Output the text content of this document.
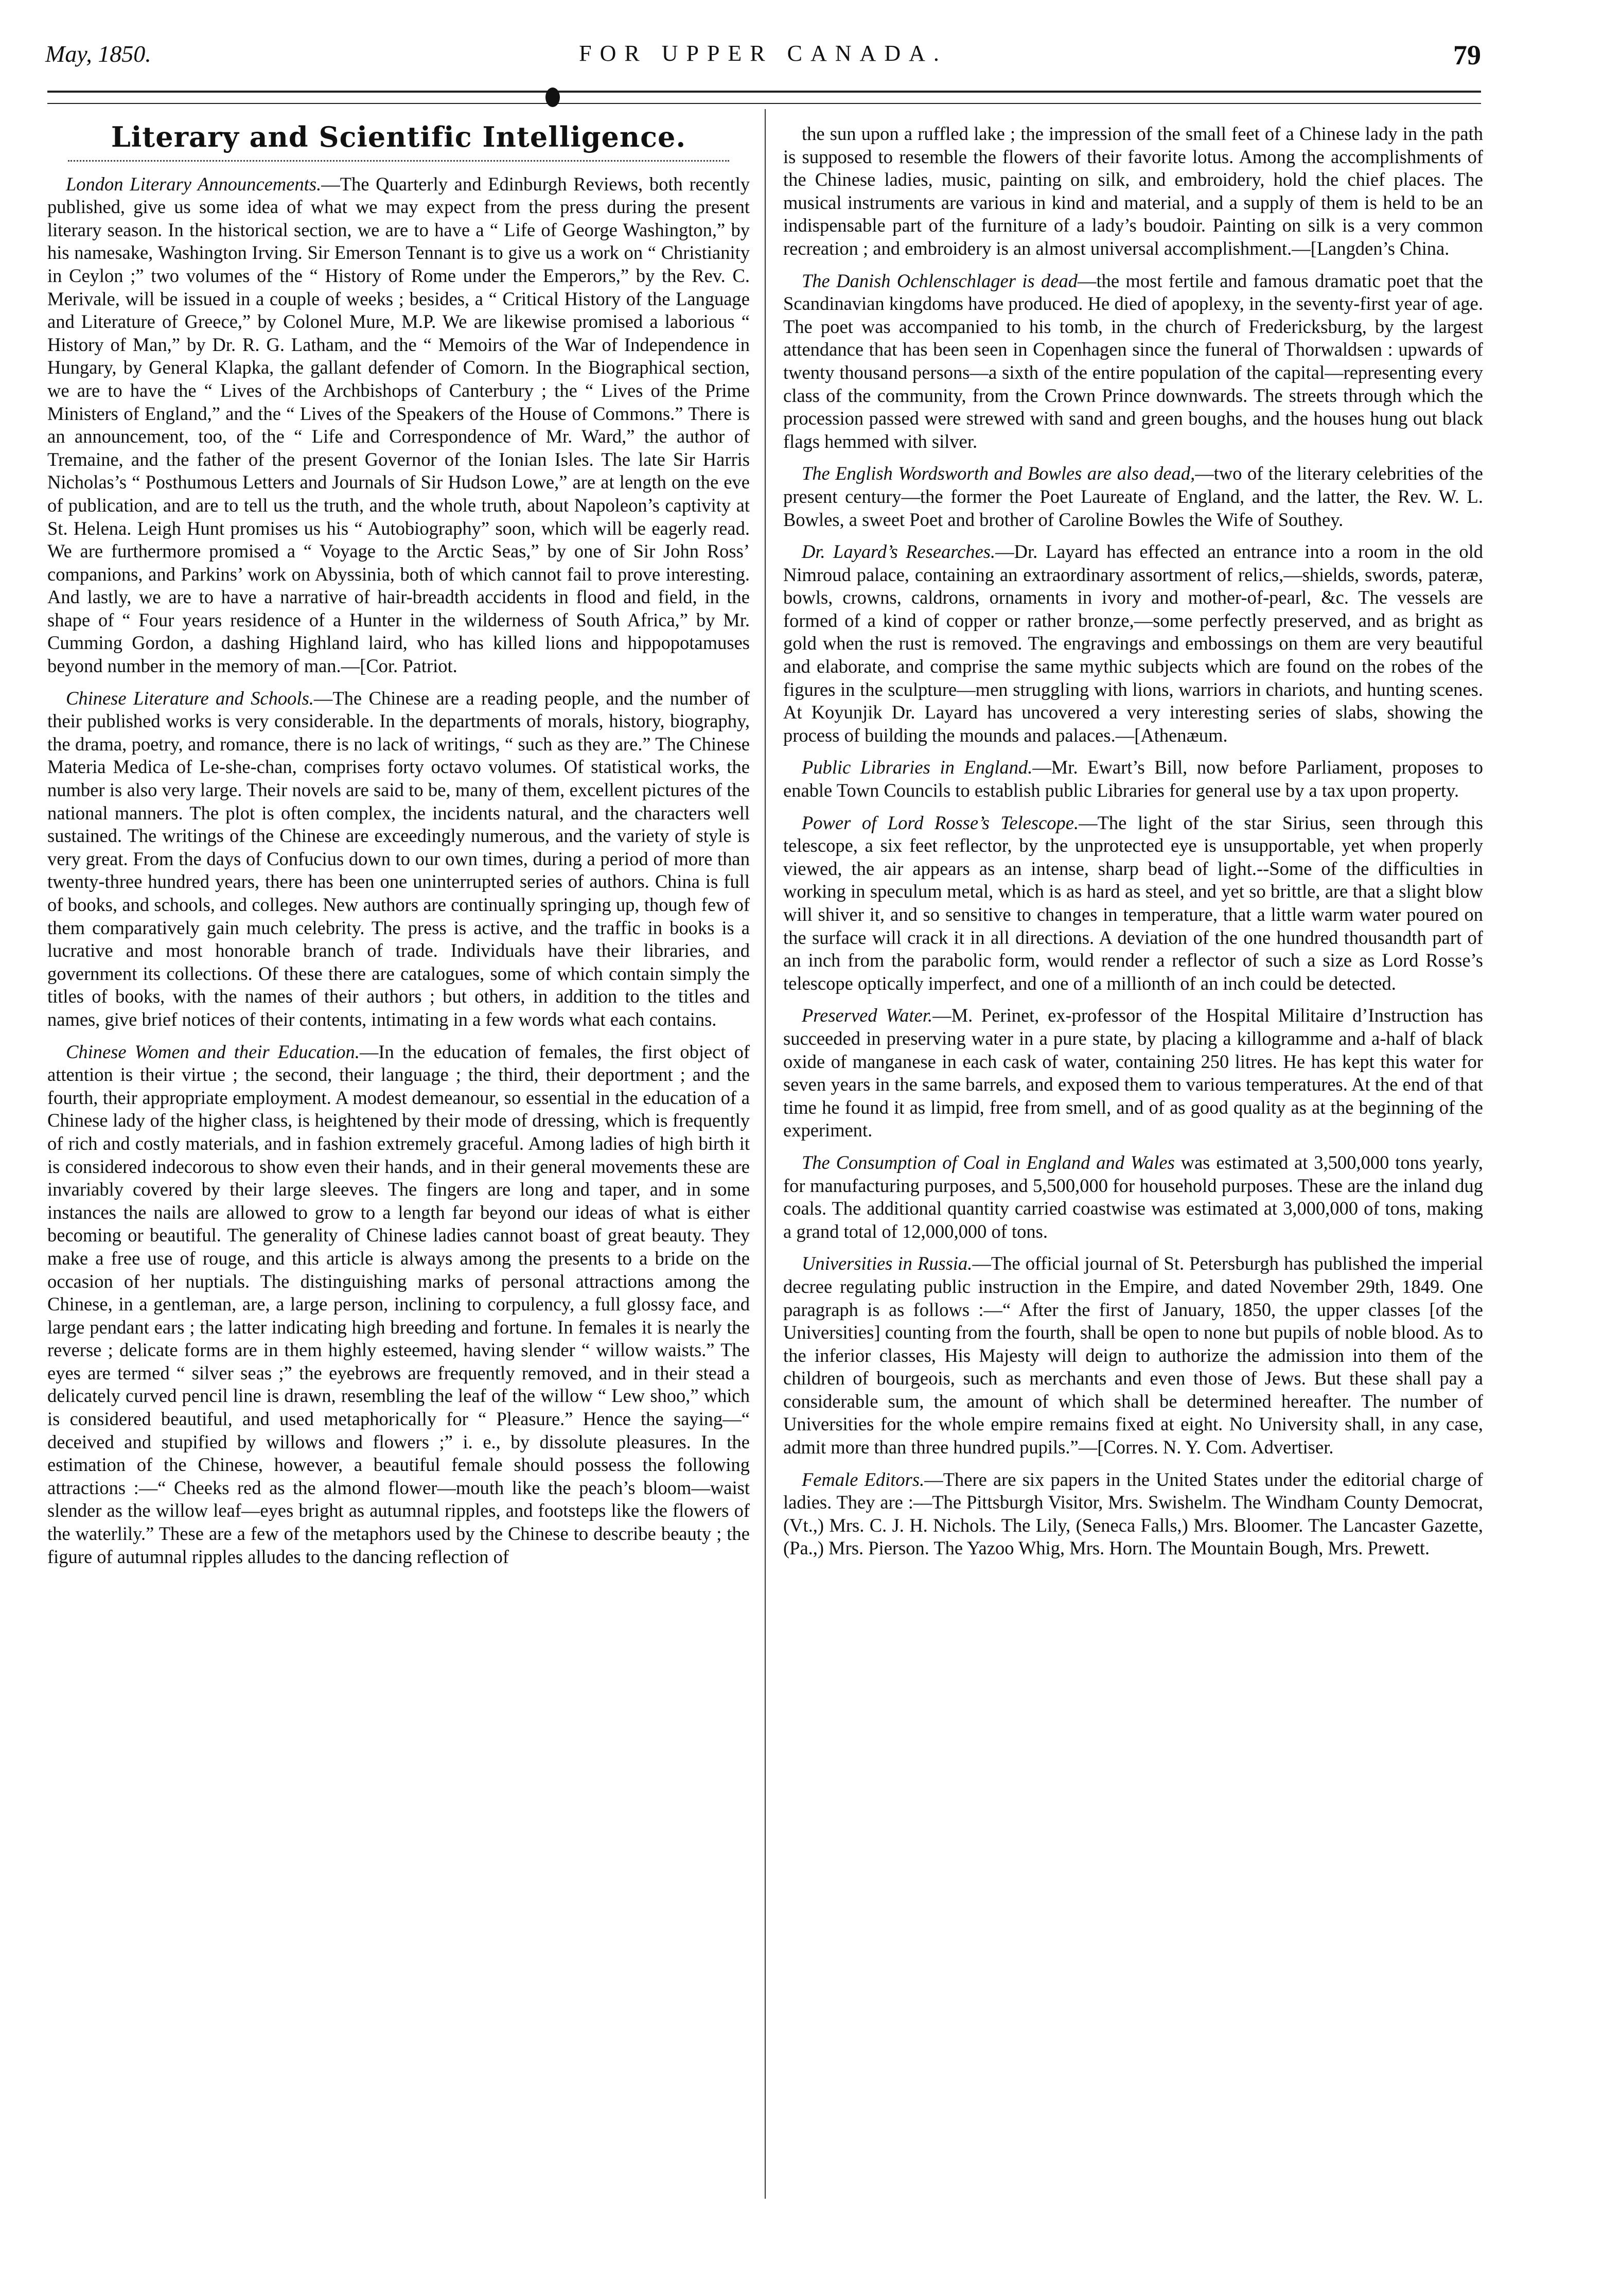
May, 1850.	FOR UPPER CANADA.	79
Literary and Scientific Intelligence.

London Literary Announcements.—The Quarterly and Edinburgh Reviews, both recently published, give us some idea of what we may expect from the press during the present literary season. In the historical section, we are to have a “ Life of George Washington,” by his namesake, Washington Irving. Sir Emerson Tennant is to give us a work on “ Christianity in Ceylon ;” two volumes of the “ History of Rome under the Emperors,” by the Rev. C. Merivale, will be issued in a couple of weeks ; besides, a “ Critical History of the Language and Literature of Greece,” by Colonel Mure, M.P. We are likewise promised a laborious “ History of Man,” by Dr. R. G. Latham, and the “ Memoirs of the War of Independence in Hungary, by General Klapka, the gallant defender of Comorn. In the Biographical section, we are to have the “ Lives of the Archbishops of Canterbury ; the “ Lives of the Prime Ministers of England,” and the “ Lives of the Speakers of the House of Commons.” There is an announcement, too, of the “ Life and Correspondence of Mr. Ward,” the author of Tremaine, and the father of the present Governor of the Ionian Isles. The late Sir Harris Nicholas’s “ Posthumous Letters and Journals of Sir Hudson Lowe,” are at length on the eve of publication, and are to tell us the truth, and the whole truth, about Napoleon’s captivity at St. Helena. Leigh Hunt promises us his “ Autobiography” soon, which will be eagerly read. We are furthermore promised a “ Voyage to the Arctic Seas,” by one of Sir John Ross’ companions, and Parkins’ work on Abyssinia, both of which cannot fail to prove interesting. And lastly, we are to have a narrative of hair-breadth accidents in flood and field, in the shape of “ Four years residence of a Hunter in the wilderness of South Africa,” by Mr. Cumming Gordon, a dashing Highland laird, who has killed lions and hippopotamuses beyond number in the memory of man.—[Cor. Patriot.

Chinese Literature and Schools.—The Chinese are a reading people, and the number of their published works is very considerable. In the departments of morals, history, biography, the drama, poetry, and romance, there is no lack of writings, “ such as they are.” The Chinese Materia Medica of Le-she-chan, comprises forty octavo volumes. Of statistical works, the number is also very large. Their novels are said to be, many of them, excellent pictures of the national manners. The plot is often complex, the incidents natural, and the characters well sustained. The writings of the Chinese are exceedingly numerous, and the variety of style is very great. From the days of Confucius down to our own times, during a period of more than twenty-three hundred years, there has been one uninterrupted series of authors. China is full of books, and schools, and colleges. New authors are continually springing up, though few of them comparatively gain much celebrity. The press is active, and the traffic in books is a lucrative and most honorable branch of trade. Individuals have their libraries, and government its collections. Of these there are catalogues, some of which contain simply the titles of books, with the names of their authors ; but others, in addition to the titles and names, give brief notices of their contents, intimating in a few words what each contains.

Chinese Women and their Education.—In the education of females, the first object of attention is their virtue ; the second, their language ; the third, their deportment ; and the fourth, their appropriate employment. A modest demeanour, so essential in the education of a Chinese lady of the higher class, is heightened by their mode of dressing, which is frequently of rich and costly materials, and in fashion extremely graceful. Among ladies of high birth it is considered indecorous to show even their hands, and in their general movements these are invariably covered by their large sleeves. The fingers are long and taper, and in some instances the nails are allowed to grow to a length far beyond our ideas of what is either becoming or beautiful. The generality of Chinese ladies cannot boast of great beauty. They make a free use of rouge, and this article is always among the presents to a bride on the occasion of her nuptials. The distinguishing marks of personal attractions among the Chinese, in a gentleman, are, a large person, inclining to corpulency, a full glossy face, and large pendant ears ; the latter indicating high breeding and fortune. In females it is nearly the reverse ; delicate forms are in them highly esteemed, having slender “ willow waists.” The eyes are termed “ silver seas ;” the eyebrows are frequently removed, and in their stead a delicately curved pencil line is drawn, resembling the leaf of the willow “ Lew shoo,” which is considered beautiful, and used metaphorically for “ Pleasure.” Hence the saying—“ deceived and stupified by willows and flowers ;” i. e., by dissolute pleasures. In the estimation of the Chinese, however, a beautiful female should possess the following attractions :—“ Cheeks red as the almond flower—mouth like the peach’s bloom—waist slender as the willow leaf—eyes bright as autumnal ripples, and footsteps like the flowers of the waterlily.” These are a few of the metaphors used by the Chinese to describe beauty ; the figure of autumnal ripples alludes to the dancing reflection of

the sun upon a ruffled lake ; the impression of the small feet of a Chinese lady in the path is supposed to resemble the flowers of their favorite lotus. Among the accomplishments of the Chinese ladies, music, painting on silk, and embroidery, hold the chief places. The musical instruments are various in kind and material, and a supply of them is held to be an indispensable part of the furniture of a lady’s boudoir. Painting on silk is a very common recreation ; and embroidery is an almost universal accomplishment.—[Langden’s China.

The Danish Ochlenschlager is dead—the most fertile and famous dramatic poet that the Scandinavian kingdoms have produced. He died of apoplexy, in the seventy-first year of age. The poet was accompanied to his tomb, in the church of Fredericksburg, by the largest attendance that has been seen in Copenhagen since the funeral of Thorwaldsen : upwards of twenty thousand persons—a sixth of the entire population of the capital—representing every class of the community, from the Crown Prince downwards. The streets through which the procession passed were strewed with sand and green boughs, and the houses hung out black flags hemmed with silver.

The English Wordsworth and Bowles are also dead,—two of the literary celebrities of the present century—the former the Poet Laureate of England, and the latter, the Rev. W. L. Bowles, a sweet Poet and brother of Caroline Bowles the Wife of Southey.

Dr. Layard’s Researches.—Dr. Layard has effected an entrance into a room in the old Nimroud palace, containing an extraordinary assortment of relics,—shields, swords, pateræ, bowls, crowns, caldrons, ornaments in ivory and mother-of-pearl, &c. The vessels are formed of a kind of copper or rather bronze,—some perfectly preserved, and as bright as gold when the rust is removed. The engravings and embossings on them are very beautiful and elaborate, and comprise the same mythic subjects which are found on the robes of the figures in the sculpture—men struggling with lions, warriors in chariots, and hunting scenes. At Koyunjik Dr. Layard has uncovered a very interesting series of slabs, showing the process of building the mounds and palaces.—[Athenæum.

Public Libraries in England.—Mr. Ewart’s Bill, now before Parliament, proposes to enable Town Councils to establish public Libraries for general use by a tax upon property.

Power of Lord Rosse’s Telescope.—The light of the star Sirius, seen through this telescope, a six feet reflector, by the unprotected eye is unsupportable, yet when properly viewed, the air appears as an intense, sharp bead of light.--Some of the difficulties in working in speculum metal, which is as hard as steel, and yet so brittle, are that a slight blow will shiver it, and so sensitive to changes in temperature, that a little warm water poured on the surface will crack it in all directions. A deviation of the one hundred thousandth part of an inch from the parabolic form, would render a reflector of such a size as Lord Rosse’s telescope optically imperfect, and one of a millionth of an inch could be detected.

Preserved Water.—M. Perinet, ex-professor of the Hospital Militaire d’Instruction has succeeded in preserving water in a pure state, by placing a killogramme and a-half of black oxide of manganese in each cask of water, containing 250 litres. He has kept this water for seven years in the same barrels, and exposed them to various temperatures. At the end of that time he found it as limpid, free from smell, and of as good quality as at the beginning of the experiment.

The Consumption of Coal in England and Wales was estimated at 3,500,000 tons yearly, for manufacturing purposes, and 5,500,000 for household purposes. These are the inland dug coals. The additional quantity carried coastwise was estimated at 3,000,000 of tons, making a grand total of 12,000,000 of tons.

Universities in Russia.—The official journal of St. Petersburgh has published the imperial decree regulating public instruction in the Empire, and dated November 29th, 1849. One paragraph is as follows :—“ After the first of January, 1850, the upper classes [of the Universities] counting from the fourth, shall be open to none but pupils of noble blood. As to the inferior classes, His Majesty will deign to authorize the admission into them of the children of bourgeois, such as merchants and even those of Jews. But these shall pay a considerable sum, the amount of which shall be determined hereafter. The number of Universities for the whole empire remains fixed at eight. No University shall, in any case, admit more than three hundred pupils.”—[Corres. N. Y. Com. Advertiser.

Female Editors.—There are six papers in the United States under the editorial charge of ladies. They are :—The Pittsburgh Visitor, Mrs. Swishelm. The Windham County Democrat, (Vt.,) Mrs. C. J. H. Nichols. The Lily, (Seneca Falls,) Mrs. Bloomer. The Lancaster Gazette, (Pa.,) Mrs. Pierson. The Yazoo Whig, Mrs. Horn. The Mountain Bough, Mrs. Prewett.
